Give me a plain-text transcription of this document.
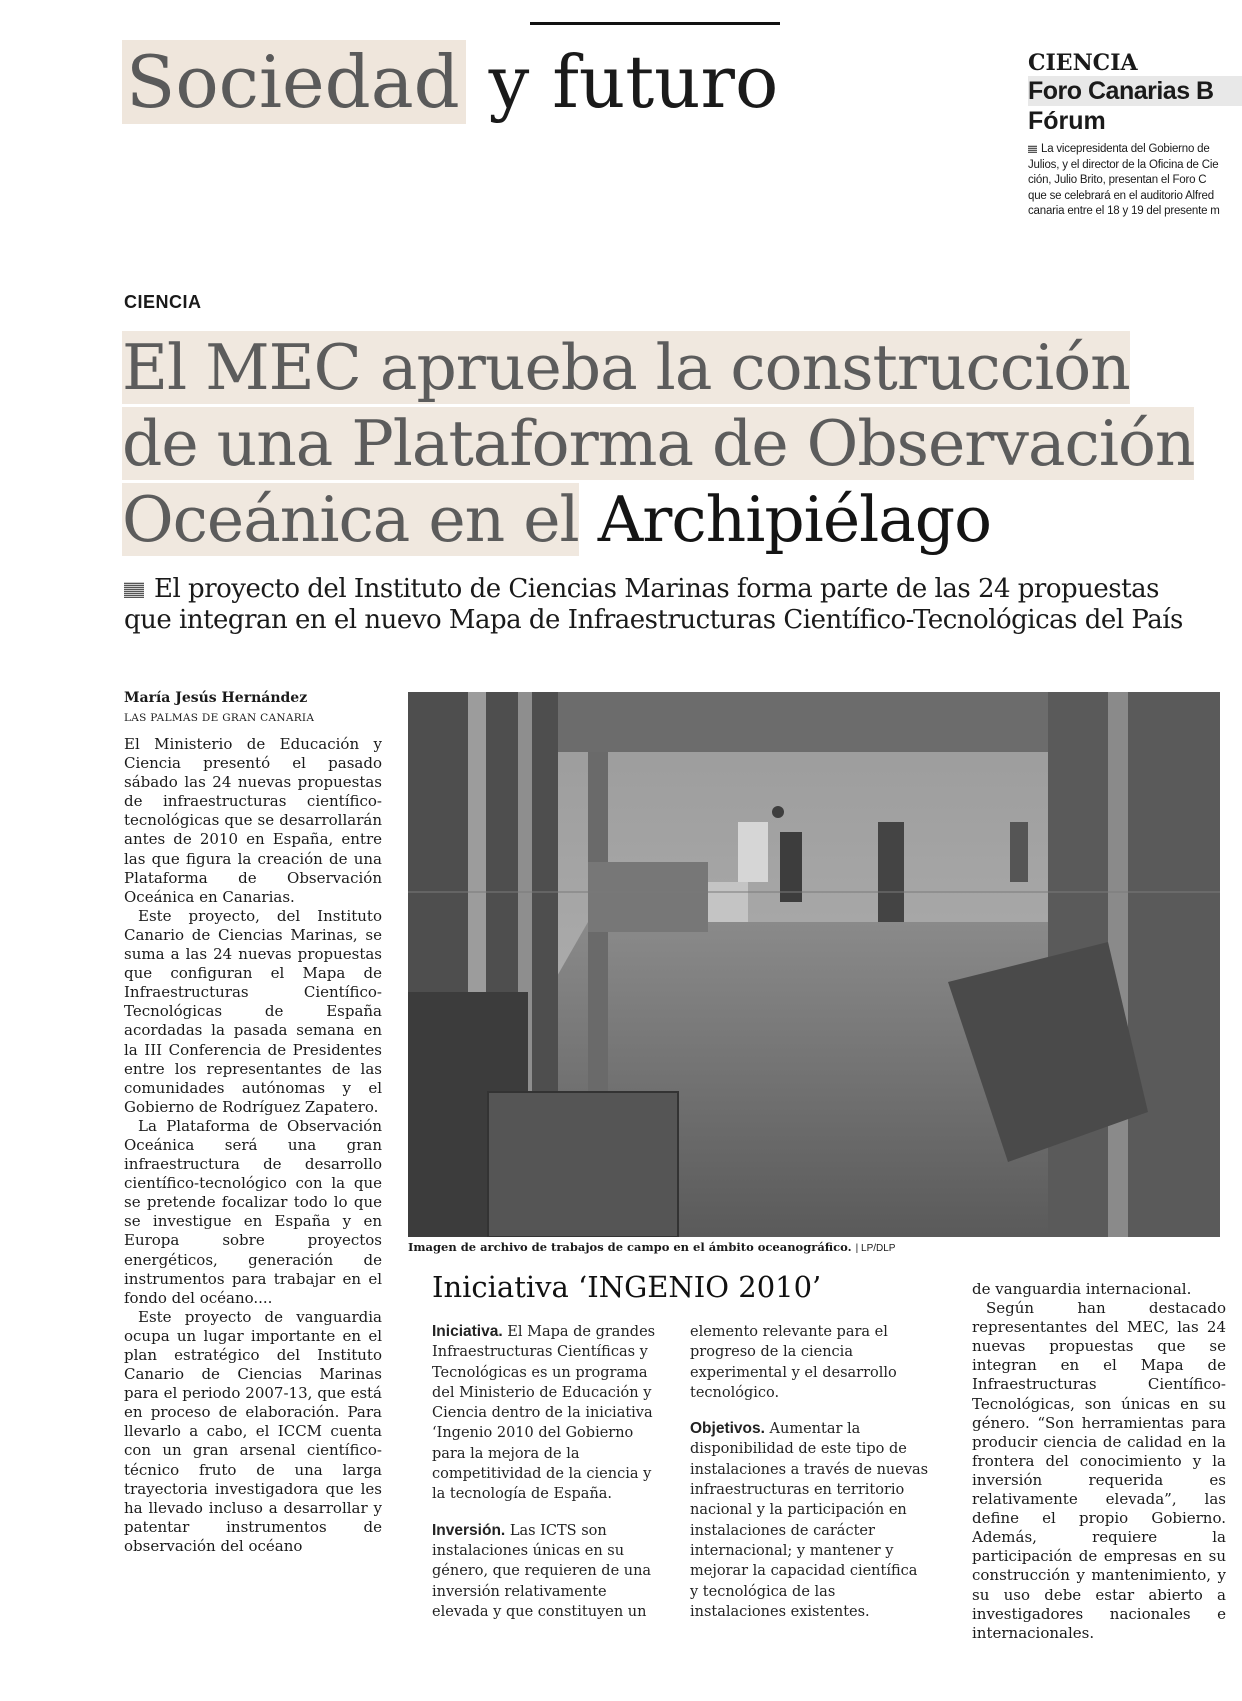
Sociedad y futuro	CIENCIA
Foro Canarias B
Fórum
La vicepresidenta del Gobierno de
Julios, y el director de la Oficina de Cie
ción, Julio Brito, presentan el Foro C
que se celebrará en el auditorio Alfred
canaria entre el 18 y 19 del presente m
CIENCIA
El MEC aprueba la construcción
de una Plataforma de Observación
Oceánica en el Archipiélago
El proyecto del Instituto de Ciencias Marinas forma parte de las 24 propuestas
que integran en el nuevo Mapa de Infraestructuras Científico-Tecnológicas del País
María Jesús Hernández
LAS PALMAS DE GRAN CANARIA

El Ministerio de Educación y Ciencia presentó el pasado sábado las 24 nuevas propuestas de infraestructuras científico-tecnológicas que se desarrollarán antes de 2010 en España, entre las que figura la creación de una Plataforma de Observación Oceánica en Canarias.

Este proyecto, del Instituto Canario de Ciencias Marinas, se suma a las 24 nuevas propuestas que configuran el Mapa de Infraestructuras Científico-Tecnológicas de España acordadas la pasada semana en la III Conferencia de Presidentes entre los representantes de las comunidades autónomas y el Gobierno de Rodríguez Zapatero.

La Plataforma de Observación Oceánica será una gran infraestructura de desarrollo científico-tecnológico con la que se pretende focalizar todo lo que se investigue en España y en Europa sobre proyectos energéticos, generación de instrumentos para trabajar en el fondo del océano....

Este proyecto de vanguardia ocupa un lugar importante en el plan estratégico del Instituto Canario de Ciencias Marinas para el periodo 2007-13, que está en proceso de elaboración. Para llevarlo a cabo, el ICCM cuenta con un gran arsenal científico-técnico fruto de una larga trayectoria investigadora que les ha llevado incluso a desarrollar y patentar instrumentos de observación del océano

Imagen de archivo de trabajos de campo en el ámbito oceanográfico. | LP/DLP
Iniciativa ‘INGENIO 2010’

Iniciativa. El Mapa de grandes Infraestructuras Científicas y Tecnológicas es un programa del Ministerio de Educación y Ciencia dentro de la iniciativa ‘Ingenio 2010 del Gobierno para la mejora de la competitividad de la ciencia y la tecnología de España.

Inversión. Las ICTS son instalaciones únicas en su género, que requieren de una inversión relativamente elevada y que constituyen un

elemento relevante para el progreso de la ciencia experimental y el desarrollo tecnológico.

Objetivos. Aumentar la disponibilidad de este tipo de instalaciones a través de nuevas infraestructuras en territorio nacional y la participación en instalaciones de carácter internacional; y mantener y mejorar la capacidad científica y tecnológica de las instalaciones existentes.

de vanguardia internacional.

Según han destacado representantes del MEC, las 24 nuevas propuestas que se integran en el Mapa de Infraestructuras Científico-Tecnológicas, son únicas en su género. “Son herramientas para producir ciencia de calidad en la frontera del conocimiento y la inversión requerida es relativamente elevada”, las define el propio Gobierno. Además, requiere la participación de empresas en su construcción y mantenimiento, y su uso debe estar abierto a investigadores nacionales e internacionales.
